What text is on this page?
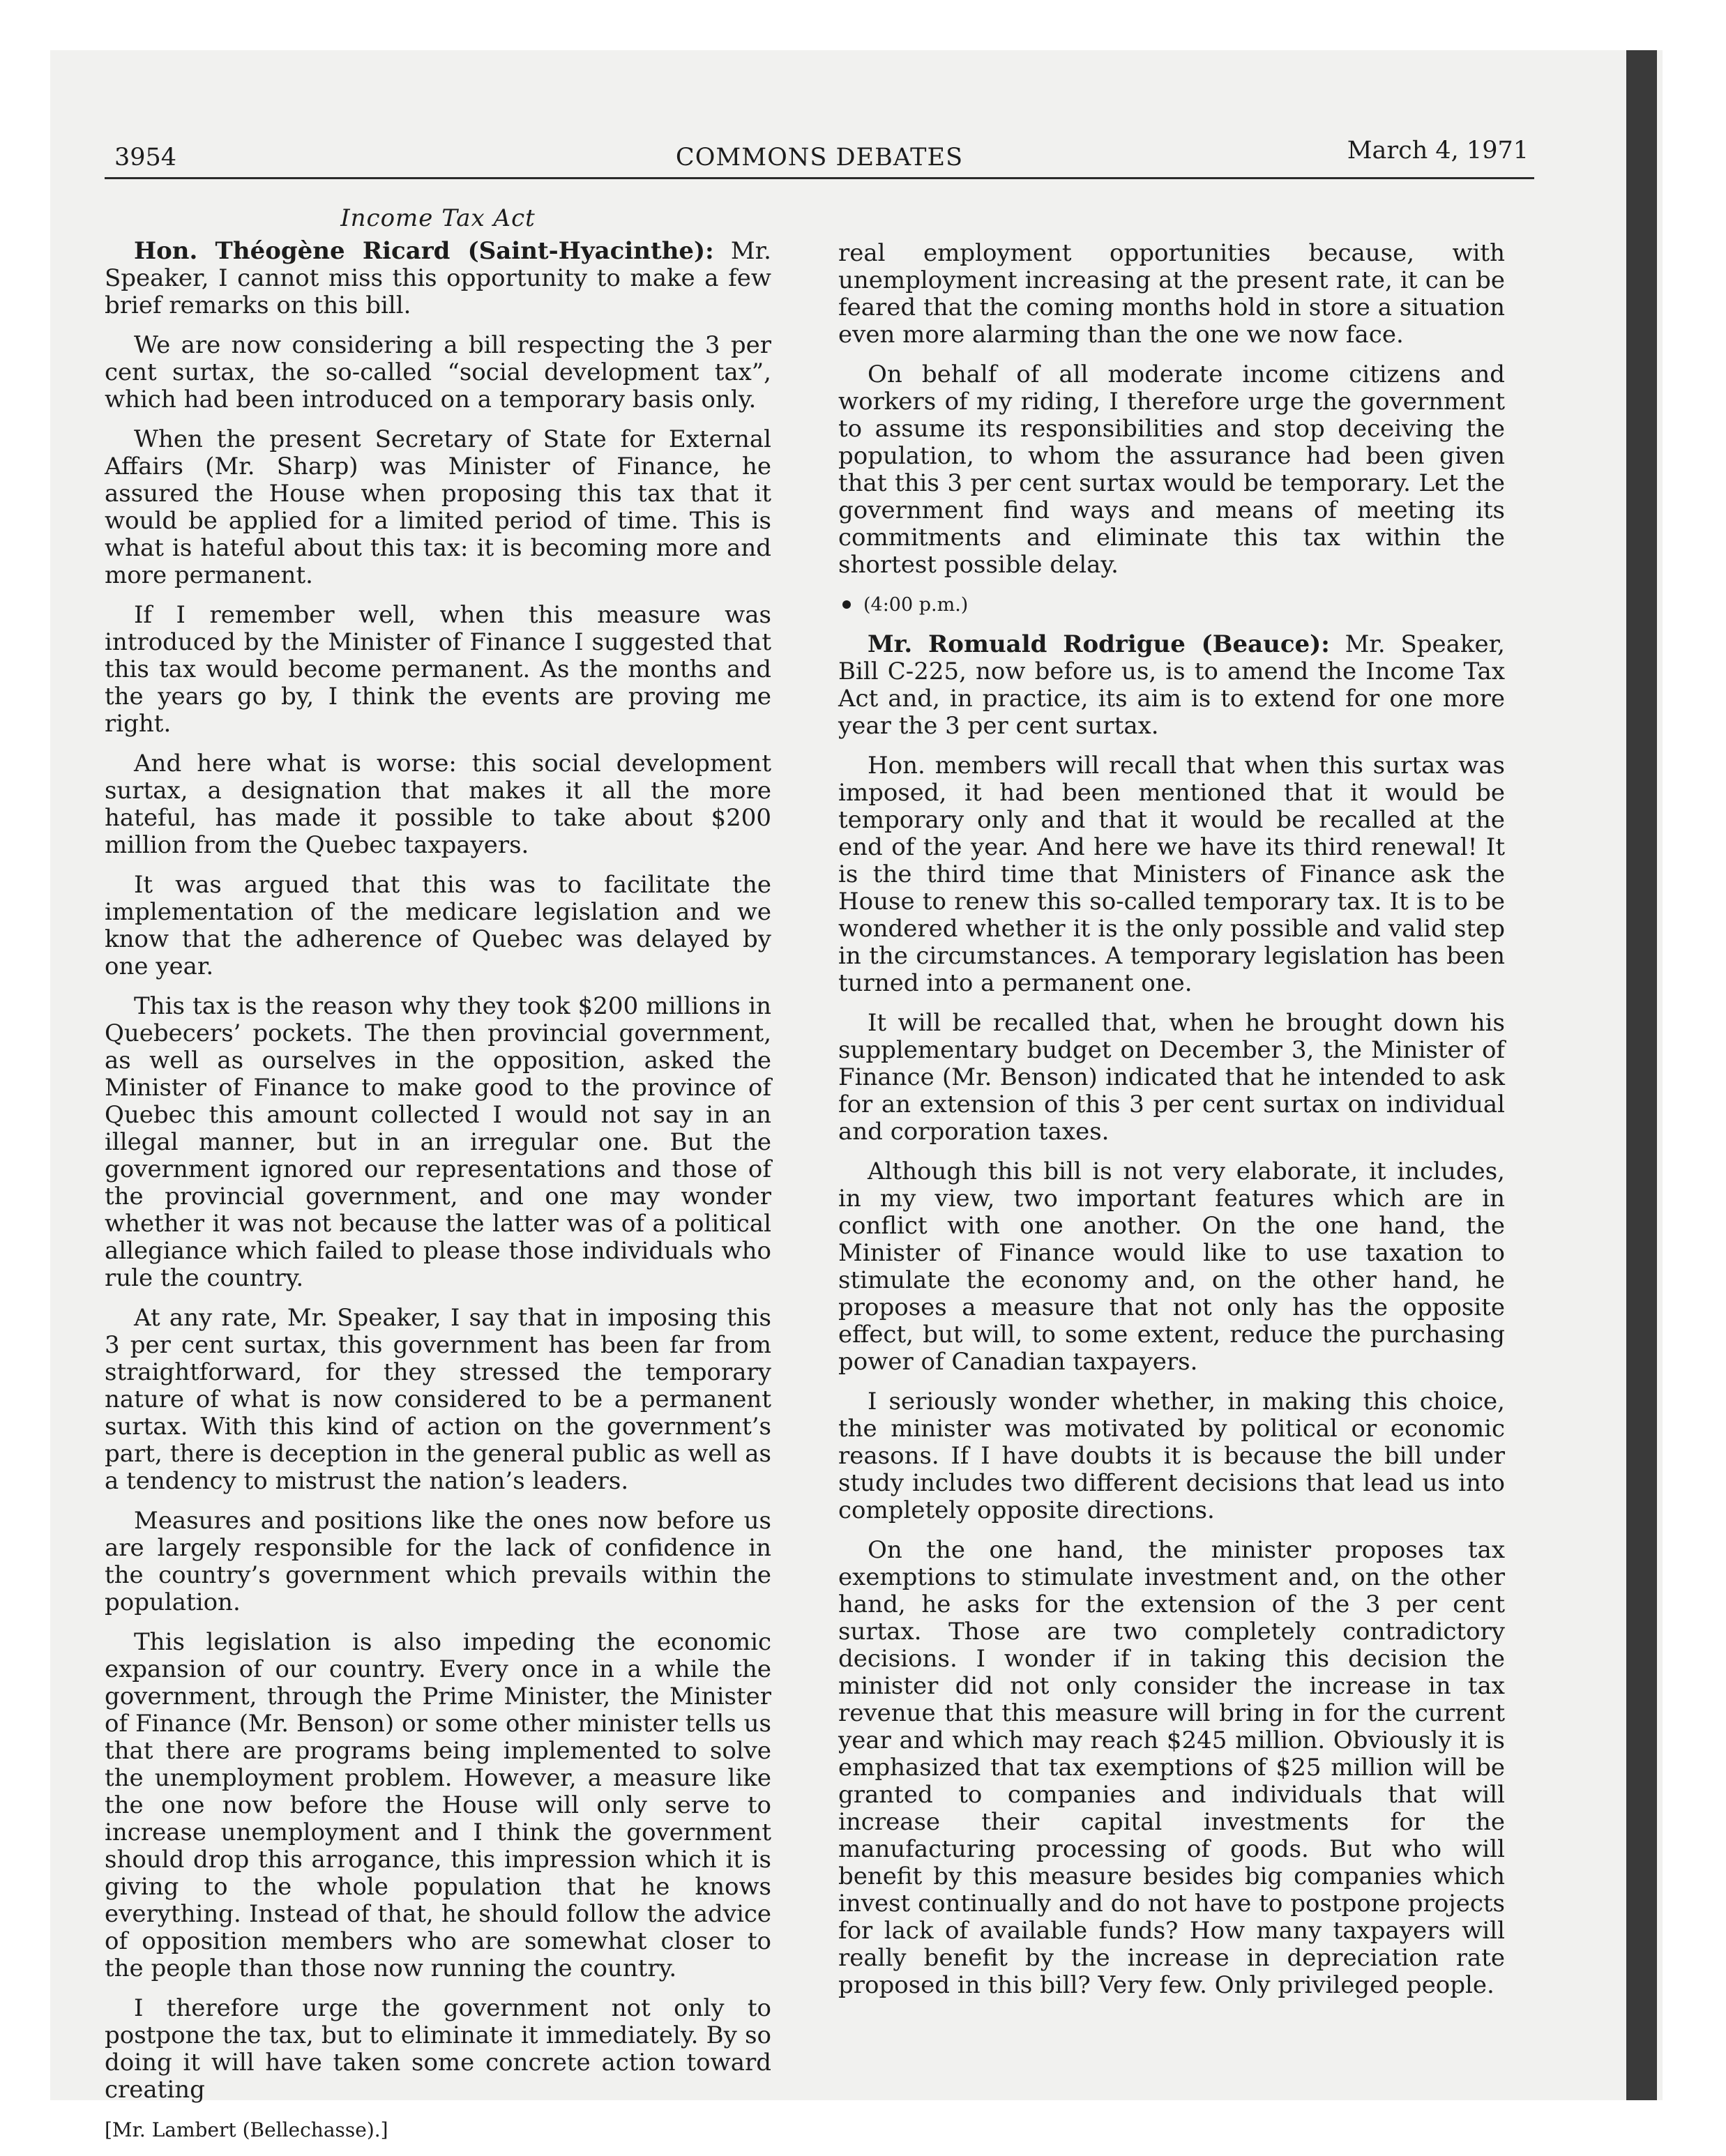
3954	COMMONS DEBATES	March 4, 1971
Income Tax Act

Hon. Théogène Ricard (Saint-Hyacinthe): Mr. Speaker, I cannot miss this opportunity to make a few brief remarks on this bill.

We are now considering a bill respecting the 3 per cent surtax, the so-called “social development tax”, which had been introduced on a temporary basis only.

When the present Secretary of State for External Affairs (Mr. Sharp) was Minister of Finance, he assured the House when proposing this tax that it would be applied for a limited period of time. This is what is hateful about this tax: it is becoming more and more permanent.

If I remember well, when this measure was introduced by the Minister of Finance I suggested that this tax would become permanent. As the months and the years go by, I think the events are proving me right.

And here what is worse: this social development surtax, a designation that makes it all the more hateful, has made it possible to take about $200 million from the Quebec taxpayers.

It was argued that this was to facilitate the implementation of the medicare legislation and we know that the adherence of Quebec was delayed by one year.

This tax is the reason why they took $200 millions in Quebecers’ pockets. The then provincial government, as well as ourselves in the opposition, asked the Minister of Finance to make good to the province of Quebec this amount collected I would not say in an illegal manner, but in an irregular one. But the government ignored our representations and those of the provincial government, and one may wonder whether it was not because the latter was of a political allegiance which failed to please those individuals who rule the country.

At any rate, Mr. Speaker, I say that in imposing this 3 per cent surtax, this government has been far from straightforward, for they stressed the temporary nature of what is now considered to be a permanent surtax. With this kind of action on the government’s part, there is deception in the general public as well as a tendency to mistrust the nation’s leaders.

Measures and positions like the ones now before us are largely responsible for the lack of confidence in the country’s government which prevails within the population.

This legislation is also impeding the economic expansion of our country. Every once in a while the government, through the Prime Minister, the Minister of Finance (Mr. Benson) or some other minister tells us that there are programs being implemented to solve the unemployment problem. However, a measure like the one now before the House will only serve to increase unemployment and I think the government should drop this arrogance, this impression which it is giving to the whole population that he knows everything. Instead of that, he should follow the advice of opposition members who are somewhat closer to the people than those now running the country.

I therefore urge the government not only to postpone the tax, but to eliminate it immediately. By so doing it will have taken some concrete action toward creating

[Mr. Lambert (Bellechasse).]

real employment opportunities because, with unemployment increasing at the present rate, it can be feared that the coming months hold in store a situation even more alarming than the one we now face.

On behalf of all moderate income citizens and workers of my riding, I therefore urge the government to assume its responsibilities and stop deceiving the population, to whom the assurance had been given that this 3 per cent surtax would be temporary. Let the government find ways and means of meeting its commitments and eliminate this tax within the shortest possible delay.

(4:00 p.m.)

Mr. Romuald Rodrigue (Beauce): Mr. Speaker, Bill C-225, now before us, is to amend the Income Tax Act and, in practice, its aim is to extend for one more year the 3 per cent surtax.

Hon. members will recall that when this surtax was imposed, it had been mentioned that it would be temporary only and that it would be recalled at the end of the year. And here we have its third renewal! It is the third time that Ministers of Finance ask the House to renew this so-called temporary tax. It is to be wondered whether it is the only possible and valid step in the circumstances. A temporary legislation has been turned into a permanent one.

It will be recalled that, when he brought down his supplementary budget on December 3, the Minister of Finance (Mr. Benson) indicated that he intended to ask for an extension of this 3 per cent surtax on individual and corporation taxes.

Although this bill is not very elaborate, it includes, in my view, two important features which are in conflict with one another. On the one hand, the Minister of Finance would like to use taxation to stimulate the economy and, on the other hand, he proposes a measure that not only has the opposite effect, but will, to some extent, reduce the purchasing power of Canadian taxpayers.

I seriously wonder whether, in making this choice, the minister was motivated by political or economic reasons. If I have doubts it is because the bill under study includes two different decisions that lead us into completely opposite directions.

On the one hand, the minister proposes tax exemptions to stimulate investment and, on the other hand, he asks for the extension of the 3 per cent surtax. Those are two completely contradictory decisions. I wonder if in taking this decision the minister did not only consider the increase in tax revenue that this measure will bring in for the current year and which may reach $245 million. Obviously it is emphasized that tax exemptions of $25 million will be granted to companies and individuals that will increase their capital investments for the manufacturing processing of goods. But who will benefit by this measure besides big companies which invest continually and do not have to postpone projects for lack of available funds? How many taxpayers will really benefit by the increase in depreciation rate proposed in this bill? Very few. Only privileged people.
